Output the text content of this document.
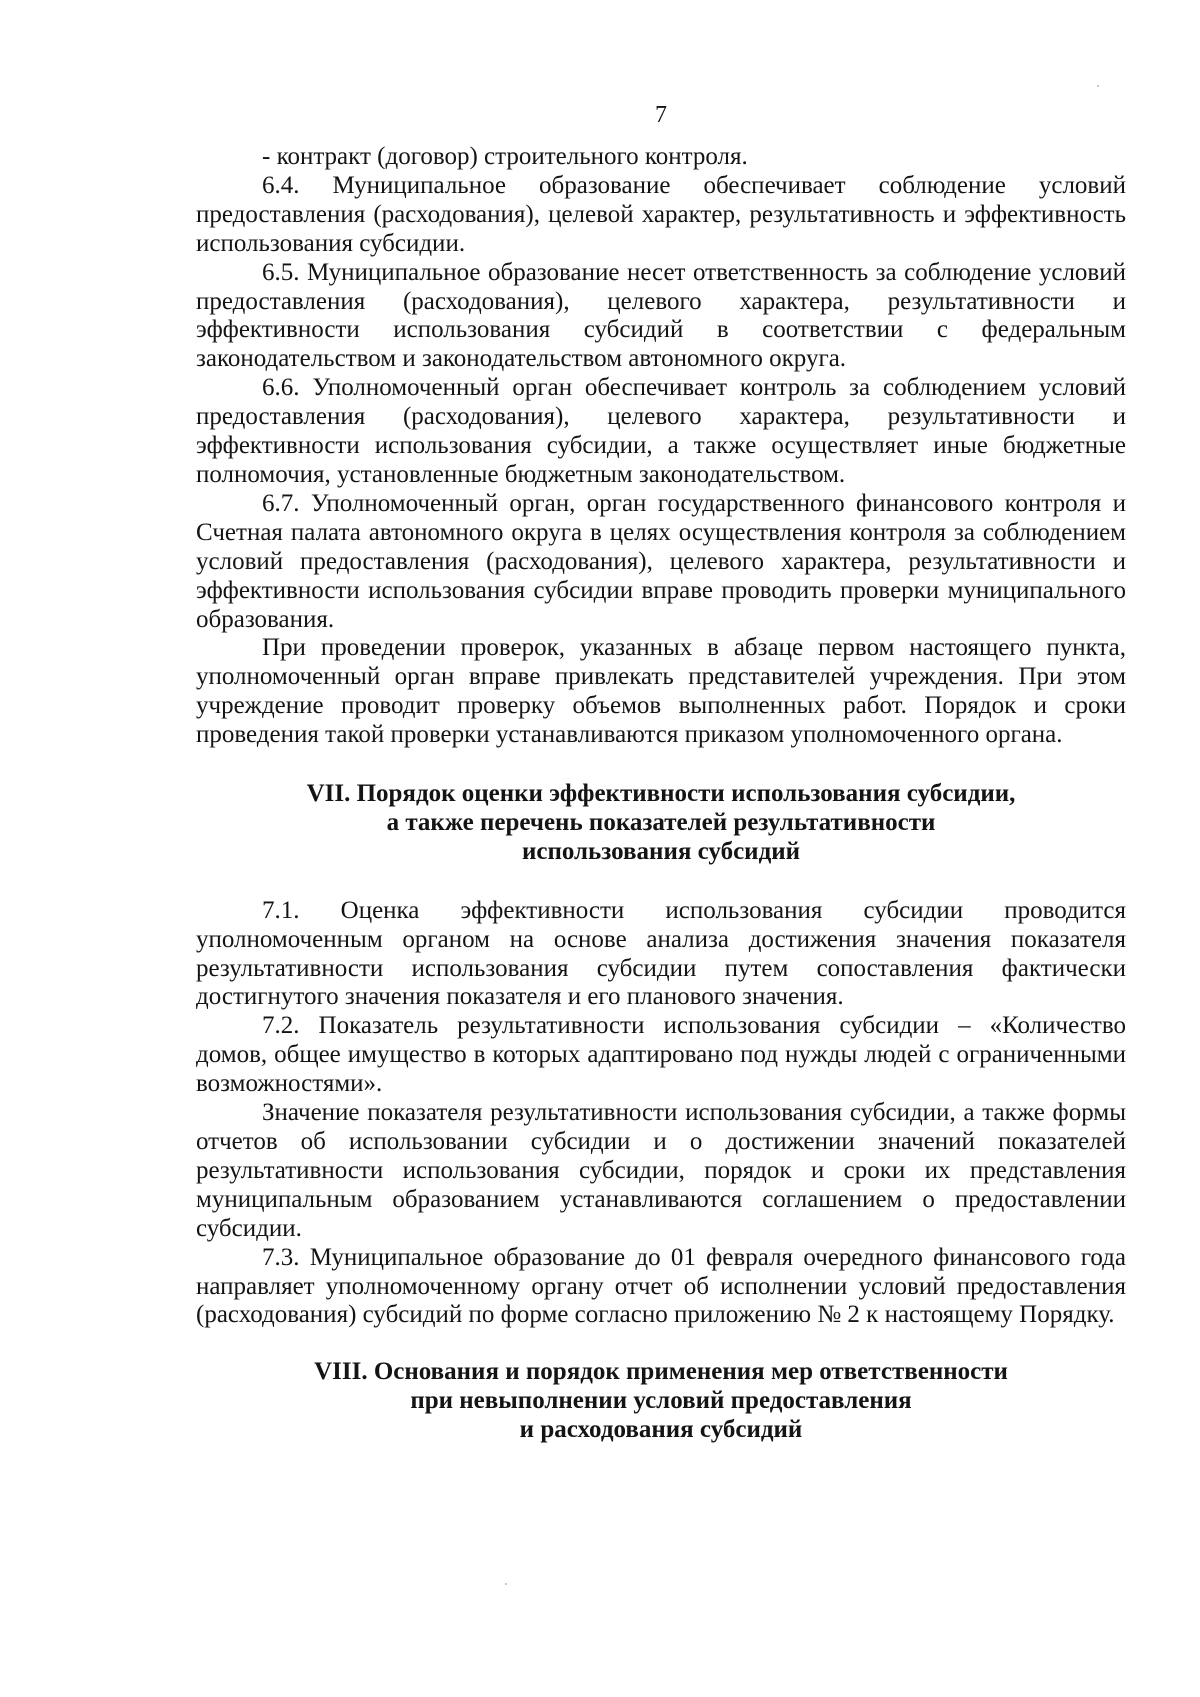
7

- контракт (договор) строительного контроля.

6.4. Муниципальное образование обеспечивает соблюдение условий предоставления (расходования), целевой характер, результативность и эффективность использования субсидии.

6.5. Муниципальное образование несет ответственность за соблюдение условий предоставления (расходования), целевого характера, результативности и эффективности использования субсидий в соответствии с федеральным законодательством и законодательством автономного округа.

6.6. Уполномоченный орган обеспечивает контроль за соблюдением условий предоставления (расходования), целевого характера, результативности и эффективности использования субсидии, а также осуществляет иные бюджетные полномочия, установленные бюджетным законодательством.

6.7. Уполномоченный орган, орган государственного финансового контроля и Счетная палата автономного округа в целях осуществления контроля за соблюдением условий предоставления (расходования), целевого характера, результативности и эффективности использования субсидии вправе проводить проверки муниципального образования.

При проведении проверок, указанных в абзаце первом настоящего пункта, уполномоченный орган вправе привлекать представителей учреждения. При этом учреждение проводит проверку объемов выполненных работ. Порядок и сроки проведения такой проверки устанавливаются приказом уполномоченного органа.

VII. Порядок оценки эффективности использования субсидии,
а также перечень показателей результативности
использования субсидий

7.1. Оценка эффективности использования субсидии проводится уполномоченным органом на основе анализа достижения значения показателя результативности использования субсидии путем сопоставления фактически достигнутого значения показателя и его планового значения.

7.2. Показатель результативности использования субсидии – «Количество домов, общее имущество в которых адаптировано под нужды людей с ограниченными возможностями».

Значение показателя результативности использования субсидии, а также формы отчетов об использовании субсидии и о достижении значений показателей результативности использования субсидии, порядок и сроки их представления муниципальным образованием устанавливаются соглашением о предоставлении субсидии.

7.3. Муниципальное образование до 01 февраля очередного финансового года направляет уполномоченному органу отчет об исполнении условий предоставления (расходования) субсидий по форме согласно приложению № 2 к настоящему Порядку.

VIII. Основания и порядок применения мер ответственности
при невыполнении условий предоставления
и расходования субсидий
